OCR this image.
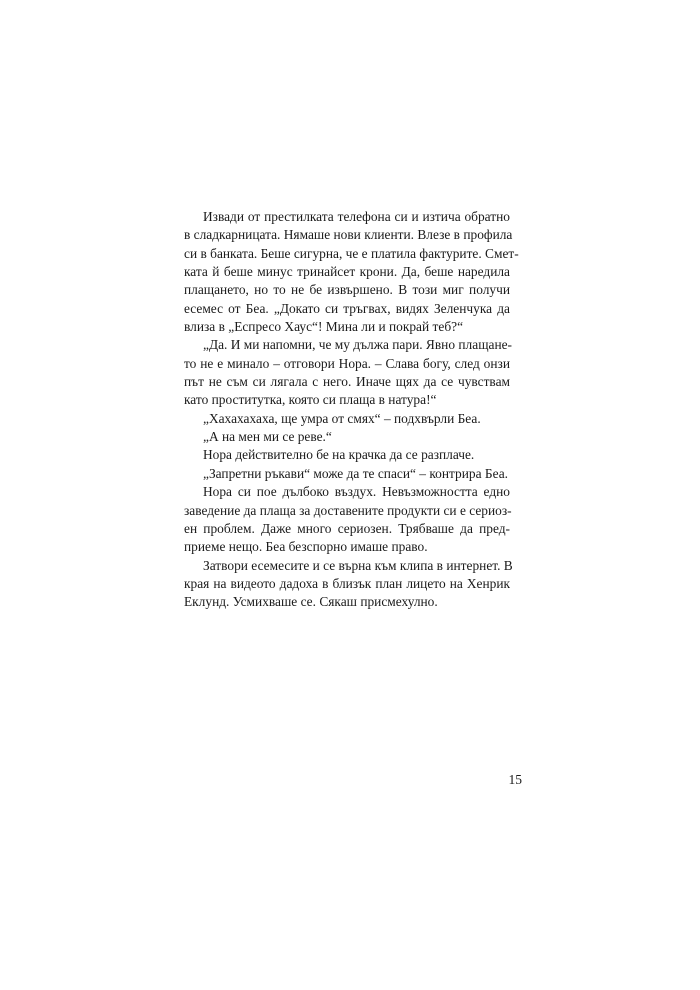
Извади от престилката телефона си и изтича обратно
в сладкарницата. Нямаше нови клиенти. Влезе в профила
си в банката. Беше сигурна, че е платила фактурите. Смет-
ката й беше минус тринайсет крони. Да, беше наредила
плащането, но то не бе извършено. В този миг получи
есемес от Беа. „Докато си тръгвах, видях Зеленчука да
влиза в „Еспресо Хаус“! Мина ли и покрай теб?“
„Да. И ми напомни, че му дължа пари. Явно плащане-
то не е минало – отговори Нора. – Слава богу, след онзи
път не съм си лягала с него. Иначе щях да се чувствам
като проститутка, която си плаща в натура!“
„Хахахахаха, ще умра от смях“ – подхвърли Беа.
„А на мен ми се реве.“
Нора действително бе на крачка да се разплаче.
„Запретни ръкави“ може да те спаси“ – контрира Беа.
Нора си пое дълбоко въздух. Невъзможността едно
заведение да плаща за доставените продукти си е сериоз-
ен проблем. Даже много сериозен. Трябваше да пред-
приеме нещо. Беа безспорно имаше право.
Затвори есемесите и се върна към клипа в интернет. В
края на видеото дадоха в близък план лицето на Хенрик
Еклунд. Усмихваше се. Сякаш присмехулно.
15
